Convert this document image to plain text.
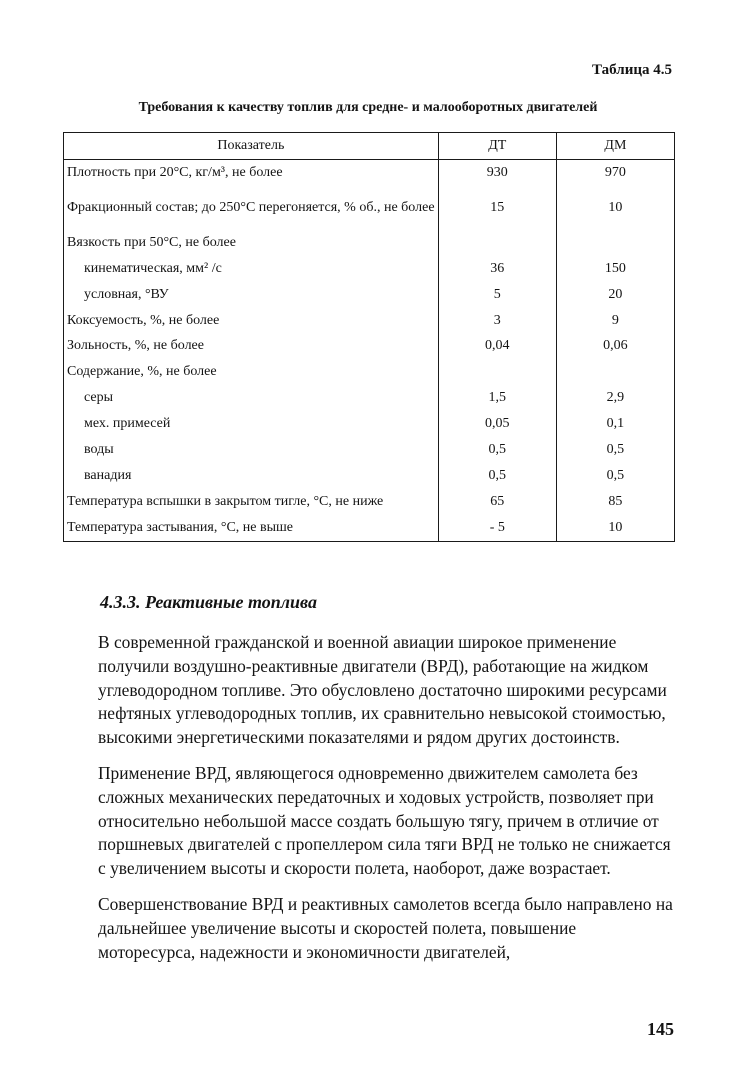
Таблица 4.5
Требования к качеству топлив для средне- и малооборотных двигателей
Показатель	ДТ	ДМ
Плотность при 20°С, кг/м³, не более	930	970
Фракционный состав; до 250°С перегоняется, % об., не более	15	10
Вязкость при 50°С, не более		
кинематическая, мм² /с	36	150
условная, °ВУ	5	20
Коксуемость, %, не более	3	9
Зольность, %, не более	0,04	0,06
Содержание, %, не более		
серы	1,5	2,9
мех. примесей	0,05	0,1
воды	0,5	0,5
ванадия	0,5	0,5
Температура вспышки в закрытом тигле, °С, не ниже	65	85
Температура застывания, °С, не выше	- 5	10
4.3.3. Реактивные топлива

В современной гражданской и военной авиации широкое применение получили воздушно-реактивные двигатели (ВРД), работающие на жидком углеводородном топливе. Это обусловлено достаточно широкими ресурсами нефтяных углеводородных топлив, их сравнительно невысокой стоимостью, высокими энергетическими показателями и рядом других достоинств.

Применение ВРД, являющегося одновременно движителем самолета без сложных механических передаточных и ходовых устройств, позволяет при относительно небольшой массе создать большую тягу, причем в отличие от поршневых двигателей с пропеллером сила тяги ВРД не только не снижается с увеличением высоты и скорости полета, наоборот, даже возрастает.

Совершенствование ВРД и реактивных самолетов всегда было направлено на дальнейшее увеличение высоты и скоростей полета, повышение моторесурса, надежности и экономичности двигателей,

145
